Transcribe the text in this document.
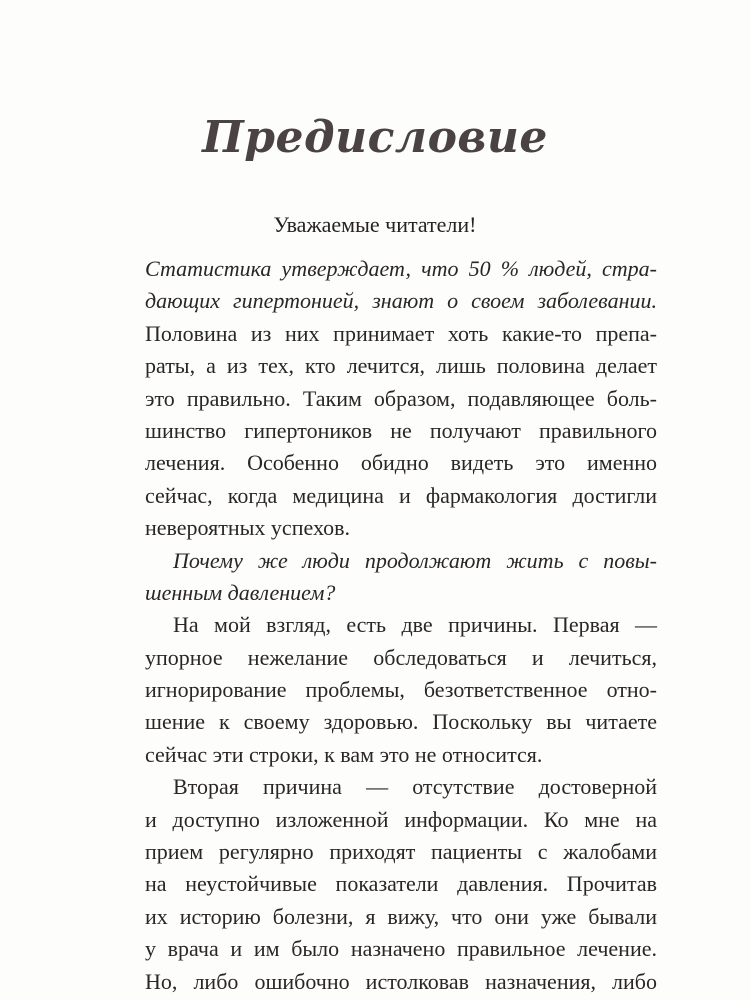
Предисловие
Уважаемые читатели!
Статистика утверждает, что 50 % людей, стра-
дающих гипертонией, знают о своем заболевании.
Половина из них принимает хоть какие-то препа-
раты, а из тех, кто лечится, лишь половина делает
это правильно. Таким образом, подавляющее боль-
шинство гипертоников не получают правильного
лечения. Особенно обидно видеть это именно
сейчас, когда медицина и фармакология достигли
невероятных успехов.
Почему же люди продолжают жить с повы-
шенным давлением?
На мой взгляд, есть две причины. Первая —
упорное нежелание обследоваться и лечиться,
игнорирование проблемы, безответственное отно-
шение к своему здоровью. Поскольку вы читаете
сейчас эти строки, к вам это не относится.
Вторая причина — отсутствие достоверной
и доступно изложенной информации. Ко мне на
прием регулярно приходят пациенты с жалобами
на неустойчивые показатели давления. Прочитав
их историю болезни, я вижу, что они уже бывали
у врача и им было назначено правильное лечение.
Но, либо ошибочно истолковав назначения, либо
